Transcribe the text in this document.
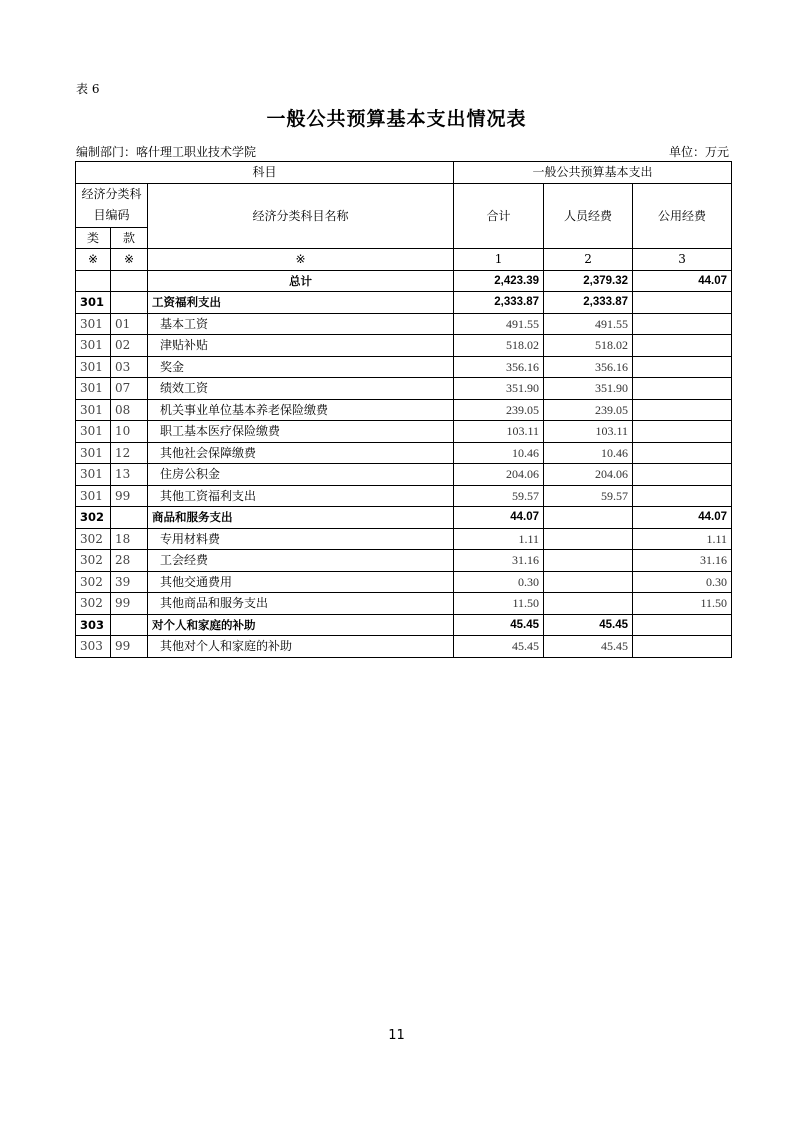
表 6
一般公共预算基本支出情况表
编制部门：喀什理工职业技术学院	单位：万元
科目			一般公共预算基本支出		
经济分类科目编码		经济分类科目名称	合计	人员经费	公用经费
类	款				
※	※	※	1	2	3
		总计	2,423.39	2,379.32	44.07
301		工资福利支出	2,333.87	2,333.87	
301	01	基本工资	491.55	491.55	
301	02	津贴补贴	518.02	518.02	
301	03	奖金	356.16	356.16	
301	07	绩效工资	351.90	351.90	
301	08	机关事业单位基本养老保险缴费	239.05	239.05	
301	10	职工基本医疗保险缴费	103.11	103.11	
301	12	其他社会保障缴费	10.46	10.46	
301	13	住房公积金	204.06	204.06	
301	99	其他工资福利支出	59.57	59.57	
302		商品和服务支出	44.07		44.07
302	18	专用材料费	1.11		1.11
302	28	工会经费	31.16		31.16
302	39	其他交通费用	0.30		0.30
302	99	其他商品和服务支出	11.50		11.50
303		对个人和家庭的补助	45.45	45.45	
303	99	其他对个人和家庭的补助	45.45	45.45	
11
